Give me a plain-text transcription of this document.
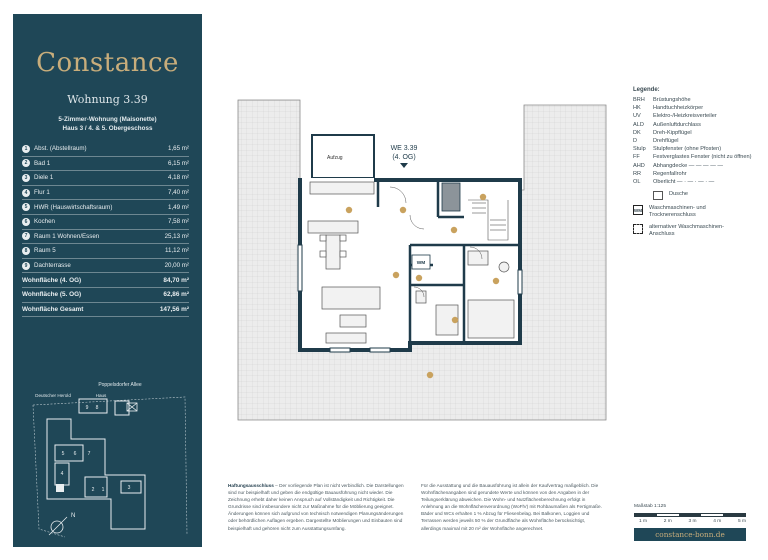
Constance
Wohnung 3.39
5-Zimmer-Wohnung (Maisonette)
Haus 3 / 4. & 5. Obergeschoss
1	Abst. (Abstellraum)	1,65 m²
2	Bad 1	6,15 m²
3	Diele 1	4,18 m²
4	Flur 1	7,40 m²
5	HWR (Hauswirtschaftsraum)	1,49 m²
6	Kochen	7,58 m²
7	Raum 1 Wohnen/Essen	25,13 m²
8	Raum 5	11,12 m²
9	Dachterrasse	20,00 m²
Wohnfläche (4. OG)	84,70 m²
Wohnfläche (5. OG)	62,86 m²
Wohnfläche Gesamt	147,56 m²
Poppelsdorfer Allee
Deutscher Herold	Haus
9 8
5 6 7
4
2 1	3
N
Aufzug
WM
WE 3.39
(4. OG)
Legende:
BRH	Brüstungshöhe
HK	Handtuchheizkörper
UV	Elektro-/Heizkreisverteiler
ALD	Außenluftdurchlass
DK	Dreh-Kippflügel
D	Drehflügel
Stulp	Stulpfenster (ohne Pfosten)
FF	Festverglastes Fenster (nicht zu öffnen)
AHD	Abhangdecke — — — — —
RR	Regenfallrohr
OL	Oberlicht — · — · — · —
Dusche
WM Waschmaschinen- und Trocknerenschluss
alternativer Waschmaschinen-Anschluss
Haftungsausschluss – Der vorliegende Plan ist nicht verbindlich. Die Darstellungen sind nur beispielhaft und geben die endgültige Bauausführung nicht wieder. Die Zeichnung erhebt daher keinen Anspruch auf Vollständigkeit und Richtigkeit. Die Grundrisse sind insbesondere nicht zur Maßnahme für die Möblierung geeignet. Änderungen können sich aufgrund von technisch notwendigen Planungsänderungen oder behördlichen Auflagen ergeben. Dargestellte Möblierungen und Einbauten sind beispielhaft und gehören nicht zum Ausstattungsumfang.
Für die Ausstattung und die Bauausführung ist allein der Kaufvertrag maßgeblich. Die Wohnflächenangaben sind gerundete Werte und können von den Angaben in der Teilungserklärung abweichen. Die Wohn- und Nutzflächenberechnung erfolgt in Anlehnung an die Wohnflächenverordnung (WoFlV) mit Rohbaumaßen als Fertigmaße. Bäder und WCs erhalten 1 % Abzug für Fliesenbelag. Bei Balkonen, Loggien und Terrassen werden jeweils 50 % der Grundfläche als Wohnfläche berücksichtigt, allerdings maximal mit 20 m² der Wohnfläche angerechnet.
Maßstab 1:125
1 m	2 m	3 m	4 m	5 m
constance-bonn.de
